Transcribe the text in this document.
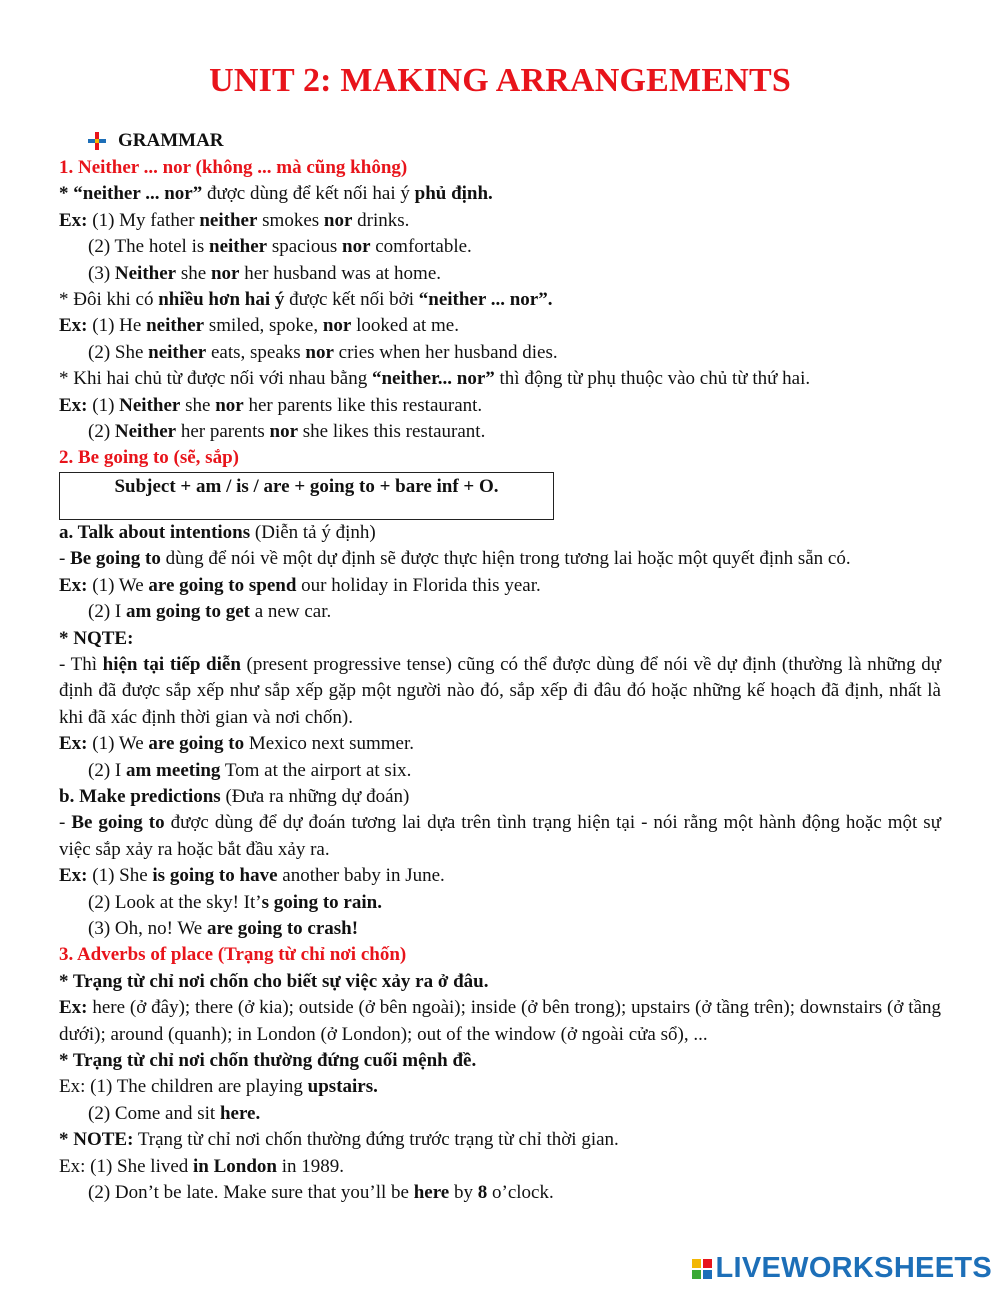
UNIT 2: MAKING ARRANGEMENTS
GRAMMAR

1. Neither ... nor (không ... mà cũng không)

* “neither ... nor” được dùng để kết nối hai ý phủ định.

Ex: (1) My father neither smokes nor drinks.

(2) The hotel is neither spacious nor comfortable.

(3) Neither she nor her husband was at home.

* Đôi khi có nhiều hơn hai ý được kết nối bởi “neither ... nor”.

Ex: (1) He neither smiled, spoke, nor looked at me.

(2) She neither eats, speaks nor cries when her husband dies.

* Khi hai chủ từ được nối với nhau bằng “neither... nor” thì động từ phụ thuộc vào chủ từ thứ hai.

Ex: (1) Neither she nor her parents like this restaurant.

(2) Neither her parents nor she likes this restaurant.

2. Be going to (sẽ, sắp)

Subject + am / is / are + going to + bare inf + O.

a. Talk about intentions (Diễn tả ý định)

- Be going to dùng để nói về một dự định sẽ được thực hiện trong tương lai hoặc một quyết định sẵn có.

Ex: (1) We are going to spend our holiday in Florida this year.

(2) I am going to get a new car.

* NQTE:

- Thì hiện tại tiếp diễn (present progressive tense) cũng có thể được dùng để nói về dự định (thường là những dự định đã được sắp xếp như sắp xếp gặp một người nào đó, sắp xếp đi đâu đó hoặc những kế hoạch đã định, nhất là khi đã xác định thời gian và nơi chốn).

Ex: (1) We are going to Mexico next summer.

(2) I am meeting Tom at the airport at six.

b. Make predictions (Đưa ra những dự đoán)

- Be going to được dùng để dự đoán tương lai dựa trên tình trạng hiện tại - nói rằng một hành động hoặc một sự việc sắp xảy ra hoặc bắt đầu xảy ra.

Ex: (1) She is going to have another baby in June.

(2) Look at the sky! It’s going to rain.

(3) Oh, no! We are going to crash!

3. Adverbs of place (Trạng từ chỉ nơi chốn)

* Trạng từ chỉ nơi chốn cho biết sự việc xảy ra ở đâu.

Ex: here (ở đây); there (ở kia); outside (ở bên ngoài); inside (ở bên trong); upstairs (ở tầng trên); downstairs (ở tầng dưới); around (quanh); in London (ở London); out of the window (ở ngoài cửa sổ), ...

* Trạng từ chỉ nơi chốn thường đứng cuối mệnh đề.

Ex: (1) The children are playing upstairs.

(2) Come and sit here.

* NOTE: Trạng từ chỉ nơi chốn thường đứng trước trạng từ chỉ thời gian.

Ex: (1) She lived in London in 1989.

(2) Don’t be late. Make sure that you’ll be here by 8 o’clock.

LIVEWORKSHEETS
